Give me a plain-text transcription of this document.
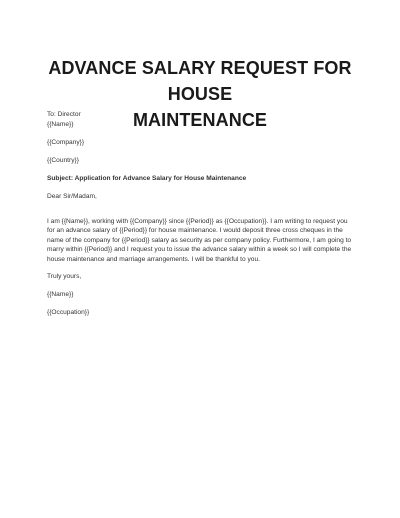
ADVANCE SALARY REQUEST FOR HOUSE
MAINTENANCE
To: Director
{{Name}}
{{Company}}
{{Country}}
Subject: Application for Advance Salary for House Maintenance
Dear Sir/Madam,
I am {{Name}}, working with {{Company}} since {{Period}} as {{Occupation}}. I am writing to request you
for an advance salary of {{Period}} for house maintenance. I would deposit three cross cheques in the
name of the company for {{Period}} salary as security as per company policy. Furthermore, I am going to
marry within {{Period}} and I request you to issue the advance salary within a week so I will complete the
house maintenance and marriage arrangements. I will be thankful to you.
Truly yours,
{{Name}}
{{Occupation}}
